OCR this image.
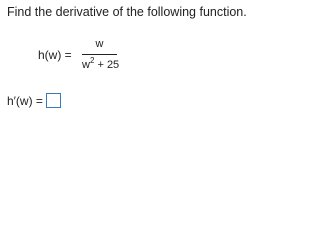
Find the derivative of the following function.
h(w) =
w
$w^2 + 25$
h′(w) =
